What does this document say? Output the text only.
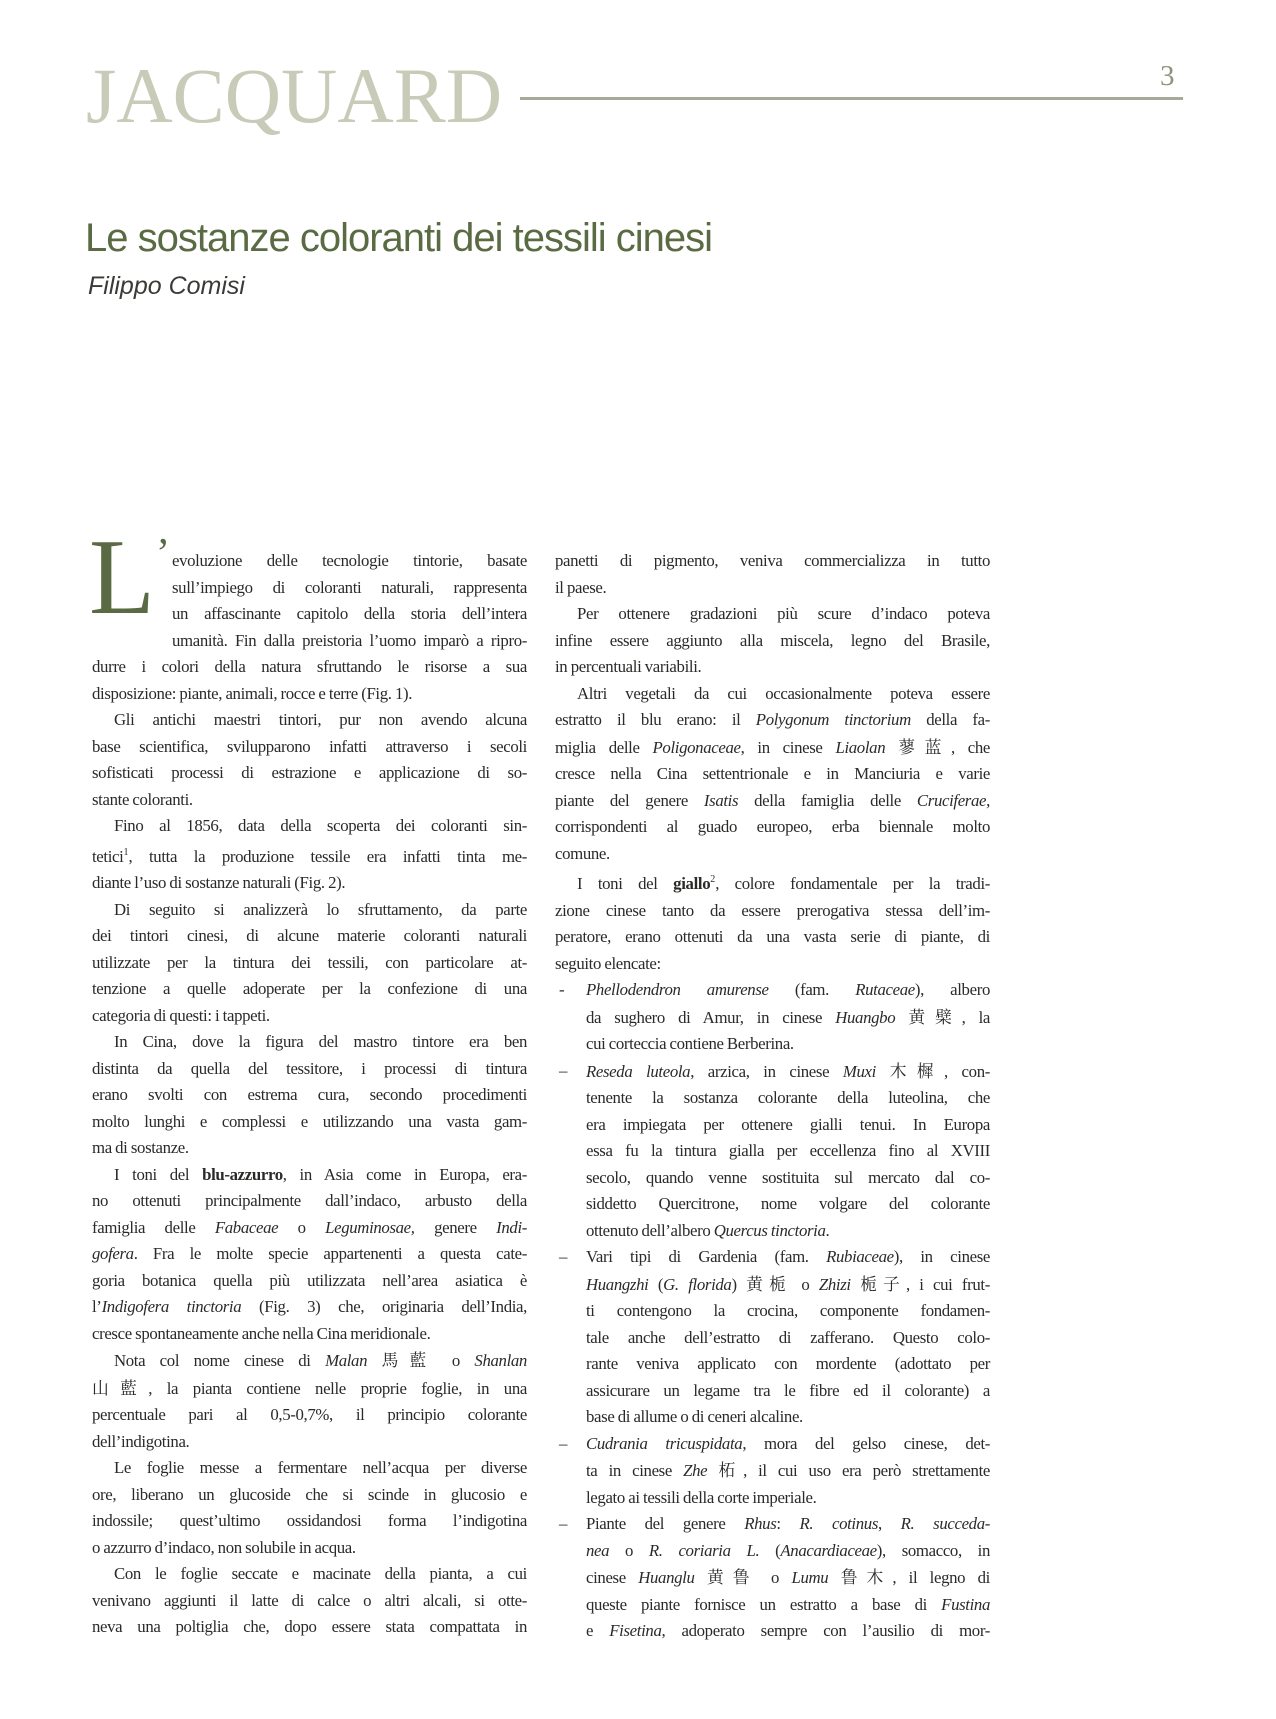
JACQUARD	3
Le sostanze coloranti dei tessili cinesi
Filippo Comisi
L’ evoluzione delle tecnologie tintorie, basate
sull’impiego di coloranti naturali, rappresenta
un affascinante capitolo della storia dell’intera
umanità. Fin dalla preistoria l’uomo imparò a ripro-
durre i colori della natura sfruttando le risorse a sua
disposizione: piante, animali, rocce e terre (Fig. 1).
Gli antichi maestri tintori, pur non avendo alcuna
base scientifica, svilupparono infatti attraverso i secoli
sofisticati processi di estrazione e applicazione di so-
stante coloranti.
Fino al 1856, data della scoperta dei coloranti sin-
tetici$^1$, tutta la produzione tessile era infatti tinta me-
diante l’uso di sostanze naturali (Fig. 2).
Di seguito si analizzerà lo sfruttamento, da parte
dei tintori cinesi, di alcune materie coloranti naturali
utilizzate per la tintura dei tessili, con particolare at-
tenzione a quelle adoperate per la confezione di una
categoria di questi: i tappeti.
In Cina, dove la figura del mastro tintore era ben
distinta da quella del tessitore, i processi di tintura
erano svolti con estrema cura, secondo procedimenti
molto lunghi e complessi e utilizzando una vasta gam-
ma di sostanze.
I toni del blu-azzurro, in Asia come in Europa, era-
no ottenuti principalmente dall’indaco, arbusto della
famiglia delle Fabaceae o Leguminosae, genere Indi-
gofera. Fra le molte specie appartenenti a questa cate-
goria botanica quella più utilizzata nell’area asiatica è
l’Indigofera tinctoria (Fig. 3) che, originaria dell’India,
cresce spontaneamente anche nella Cina meridionale.
Nota col nome cinese di Malan 馬藍 o Shanlan
山藍, la pianta contiene nelle proprie foglie, in una
percentuale pari al 0,5-0,7%, il principio colorante
dell’indigotina.
Le foglie messe a fermentare nell’acqua per diverse
ore, liberano un glucoside che si scinde in glucosio e
indossile; quest’ultimo ossidandosi forma l’indigotina
o azzurro d’indaco, non solubile in acqua.
Con le foglie seccate e macinate della pianta, a cui
venivano aggiunti il latte di calce o altri alcali, si otte-
neva una poltiglia che, dopo essere stata compattata in
panetti di pigmento, veniva commercializza in tutto
il paese.
Per ottenere gradazioni più scure d’indaco poteva
infine essere aggiunto alla miscela, legno del Brasile,
in percentuali variabili.
Altri vegetali da cui occasionalmente poteva essere
estratto il blu erano: il Polygonum tinctorium della fa-
miglia delle Poligonaceae, in cinese Liaolan 蓼蓝, che
cresce nella Cina settentrionale e in Manciuria e varie
piante del genere Isatis della famiglia delle Cruciferae,
corrispondenti al guado europeo, erba biennale molto
comune.
I toni del giallo$^2$, colore fondamentale per la tradi-
zione cinese tanto da essere prerogativa stessa dell’im-
peratore, erano ottenuti da una vasta serie di piante, di
seguito elencate:
- Phellodendron amurense (fam. Rutaceae), albero
da sughero di Amur, in cinese Huangbo 黄檗, la
cui corteccia contiene Berberina.
– Reseda luteola, arzica, in cinese Muxi 木樨, con-
tenente la sostanza colorante della luteolina, che
era impiegata per ottenere gialli tenui. In Europa
essa fu la tintura gialla per eccellenza fino al XVIII
secolo, quando venne sostituita sul mercato dal co-
siddetto Quercitrone, nome volgare del colorante
ottenuto dell’albero Quercus tinctoria.
– Vari tipi di Gardenia (fam. Rubiaceae), in cinese
Huangzhi (G. florida) 黄栀 o Zhizi 栀子, i cui frut-
ti contengono la crocina, componente fondamen-
tale anche dell’estratto di zafferano. Questo colo-
rante veniva applicato con mordente (adottato per
assicurare un legame tra le fibre ed il colorante) a
base di allume o di ceneri alcaline.
– Cudrania tricuspidata, mora del gelso cinese, det-
ta in cinese Zhe 柘, il cui uso era però strettamente
legato ai tessili della corte imperiale.
– Piante del genere Rhus: R. cotinus, R. succeda-
nea o R. coriaria L. (Anacardiaceae), somacco, in
cinese Huanglu 黄鲁 o Lumu 鲁木, il legno di
queste piante fornisce un estratto a base di Fustina
e Fisetina, adoperato sempre con l’ausilio di mor-
